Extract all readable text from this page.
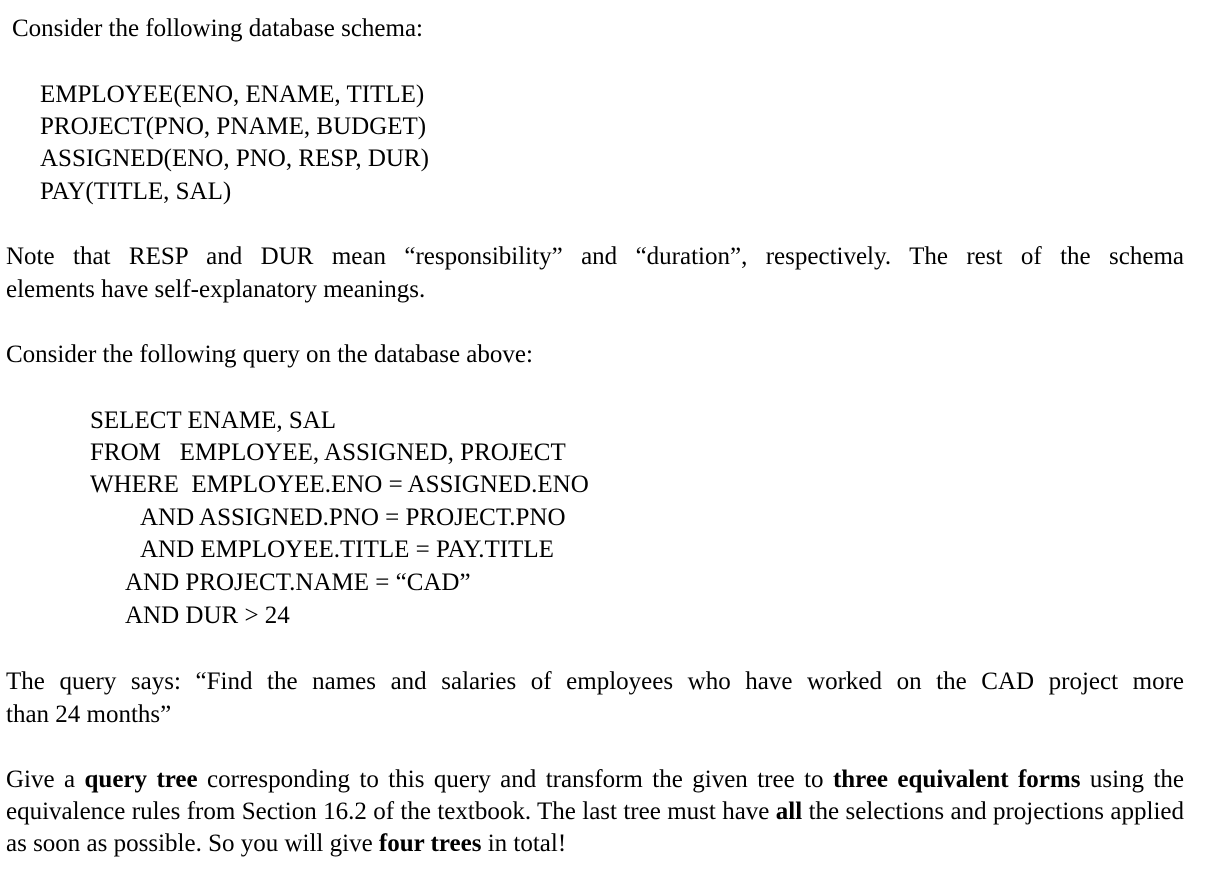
Consider the following database schema:

EMPLOYEE(ENO, ENAME, TITLE)

PROJECT(PNO, PNAME, BUDGET)

ASSIGNED(ENO, PNO, RESP, DUR)

PAY(TITLE, SAL)

Note that RESP and DUR mean “responsibility” and “duration”, respectively. The rest of the schema

elements have self-explanatory meanings.

Consider the following query on the database above:

SELECT ENAME, SAL

FROM   EMPLOYEE, ASSIGNED, PROJECT

WHERE  EMPLOYEE.ENO = ASSIGNED.ENO

AND ASSIGNED.PNO = PROJECT.PNO

AND EMPLOYEE.TITLE = PAY.TITLE

AND PROJECT.NAME = “CAD”

AND DUR > 24

The query says: “Find the names and salaries of employees who have worked on the CAD project more

than 24 months”

Give a query tree corresponding to this query and transform the given tree to three equivalent forms using the equivalence rules from Section 16.2 of the textbook. The last tree must have all the selections and projections applied as soon as possible. So you will give four trees in total!
